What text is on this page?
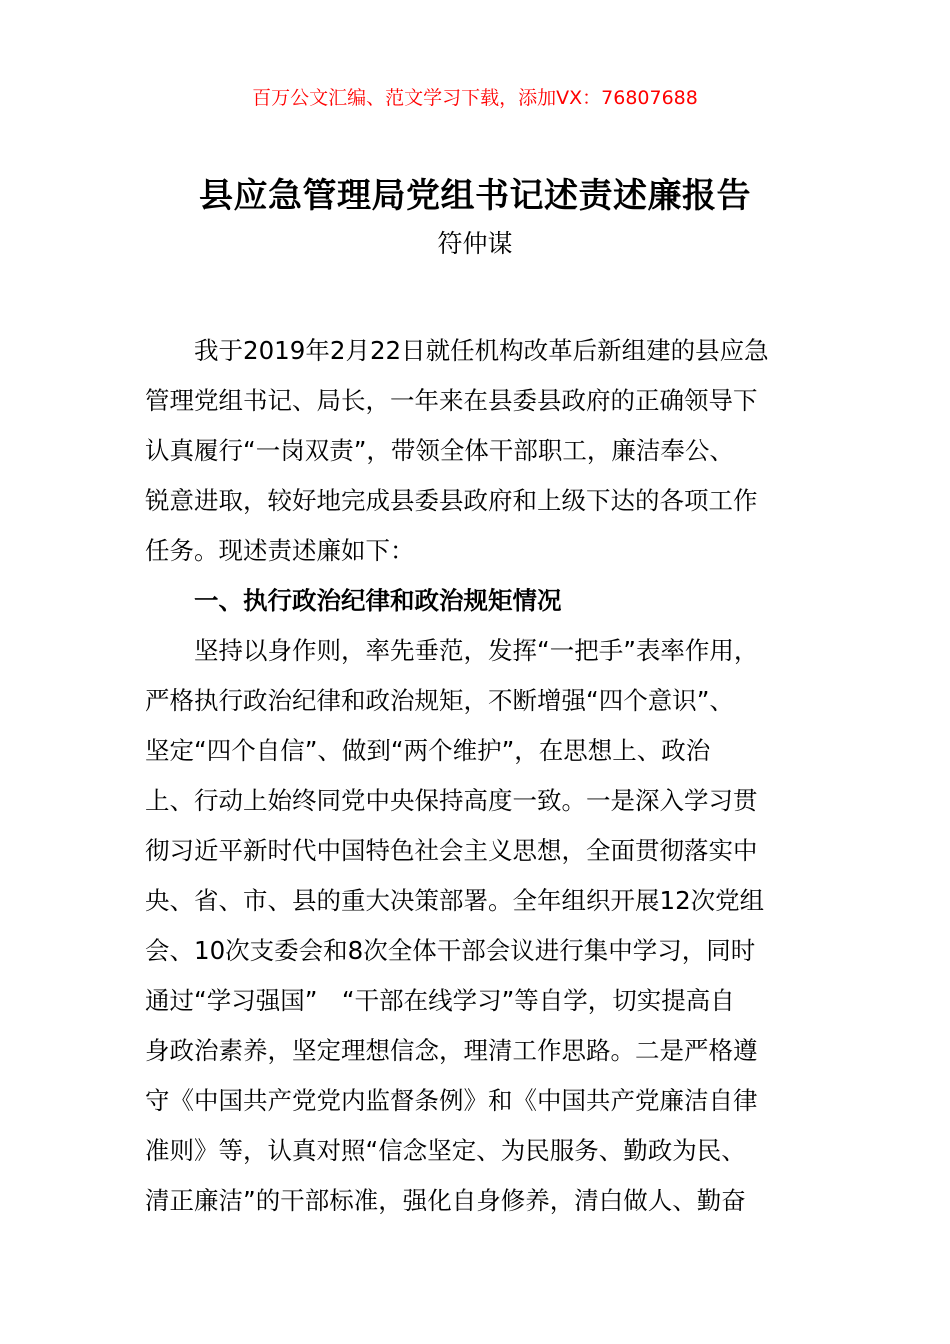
百万公文汇编、范文学习下载，添加VX：76807688
县应急管理局党组书记述责述廉报告
符仲谋
我于2019年2月22日就任机构改革后新组建的县应急
管理党组书记、局长，一年来在县委县政府的正确领导下
认真履行“一岗双责”，带领全体干部职工，廉洁奉公、
锐意进取，较好地完成县委县政府和上级下达的各项工作
任务。现述责述廉如下：
一、执行政治纪律和政治规矩情况
坚持以身作则，率先垂范，发挥“一把手”表率作用，
严格执行政治纪律和政治规矩，不断增强“四个意识”、
坚定“四个自信”、做到“两个维护”，在思想上、政治
上、行动上始终同党中央保持高度一致。一是深入学习贯
彻习近平新时代中国特色社会主义思想，全面贯彻落实中
央、省、市、县的重大决策部署。全年组织开展12次党组
会、10次支委会和8次全体干部会议进行集中学习，同时
通过“学习强国”　“干部在线学习”等自学，切实提高自
身政治素养，坚定理想信念，理清工作思路。二是严格遵
守《中国共产党党内监督条例》和《中国共产党廉洁自律
准则》等，认真对照“信念坚定、为民服务、勤政为民、
清正廉洁”的干部标准，强化自身修养，清白做人、勤奋
